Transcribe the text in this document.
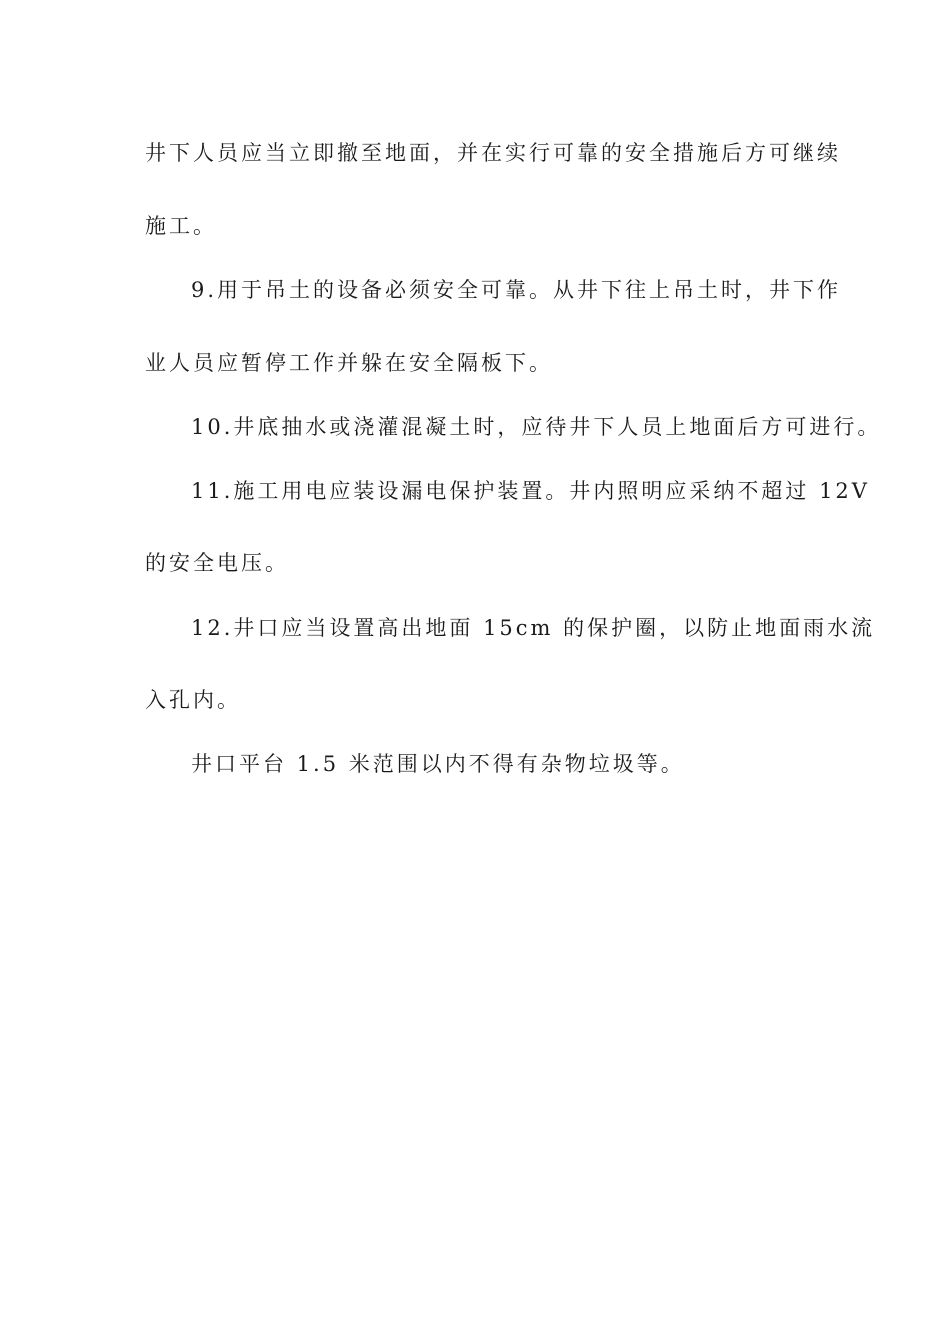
井下人员应当立即撤至地面，并在实行可靠的安全措施后方可继续
施工。
9.用于吊土的设备必须安全可靠。从井下往上吊土时，井下作
业人员应暂停工作并躲在安全隔板下。
10.井底抽水或浇灌混凝土时，应待井下人员上地面后方可进行。
11.施工用电应装设漏电保护装置。井内照明应采纳不超过 12V
的安全电压。
12.井口应当设置高出地面 15cm 的保护圈，以防止地面雨水流
入孔内。
井口平台 1.5 米范围以内不得有杂物垃圾等。
